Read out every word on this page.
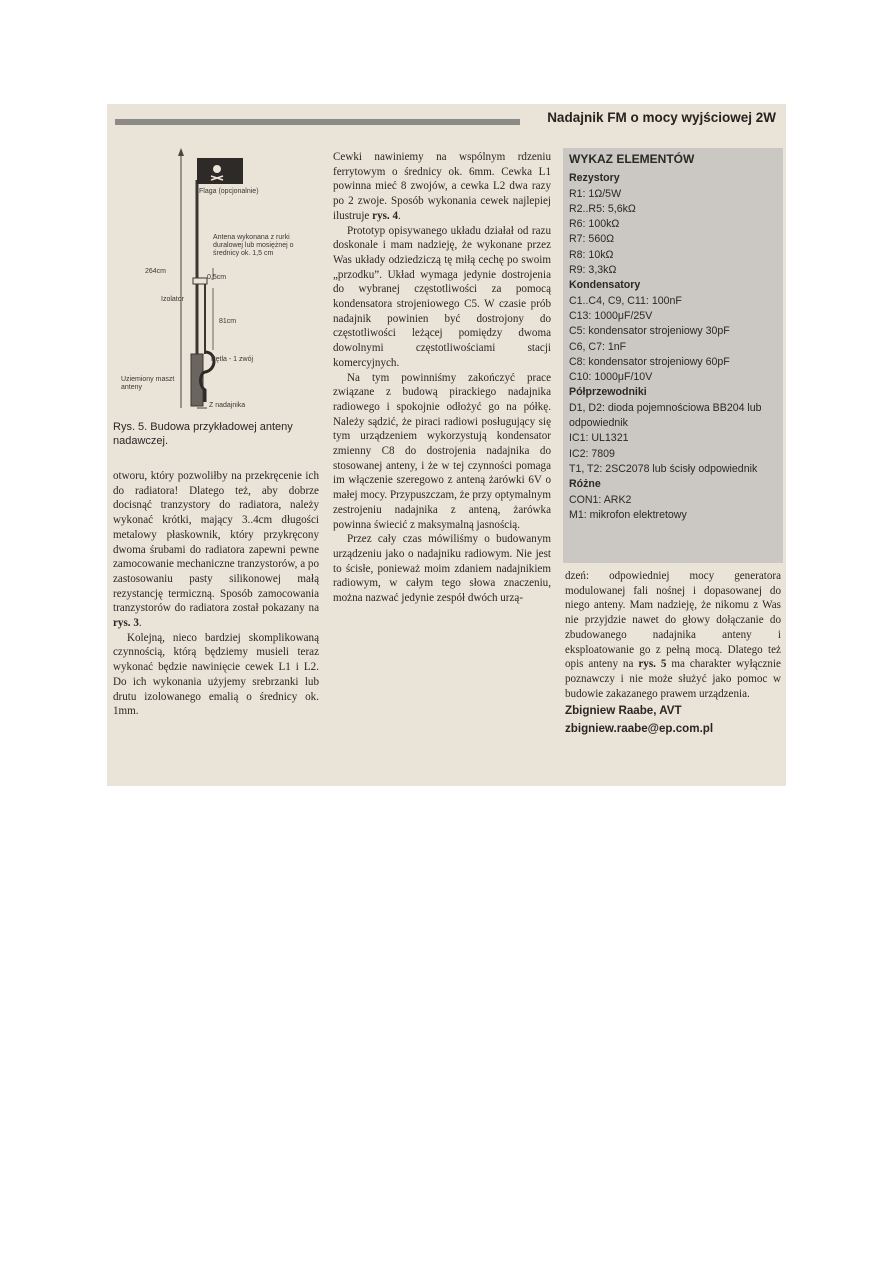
Nadajnik FM o mocy wyjściowej 2W
Flaga (opcjonalnie)
264cm
Antena wykonana z rurki duralowej lub mosiężnej o średnicy ok. 1,5 cm
0,5cm
Izolator
81cm
Pętla - 1 zwój
Uziemiony maszt anteny
Z nadajnika
Rys. 5. Budowa przykładowej anteny nadawczej.

otworu, który pozwoliłby na przekręcenie ich do radiatora! Dlatego też, aby dobrze docisnąć tranzystory do radiatora, należy wykonać krótki, mający 3..4cm długości metalowy płaskownik, który przykręcony dwoma śrubami do radiatora zapewni pewne zamocowanie mechaniczne tranzystorów, a po zastosowaniu pasty silikonowej małą rezystancję termiczną. Sposób zamocowania tranzystorów do radiatora został pokazany na rys. 3.

Kolejną, nieco bardziej skomplikowaną czynnością, którą będziemy musieli teraz wykonać będzie nawinięcie cewek L1 i L2. Do ich wykonania użyjemy srebrzanki lub drutu izolowanego emalią o średnicy ok. 1mm.

Cewki nawiniemy na wspólnym rdzeniu ferrytowym o średnicy ok. 6mm. Cewka L1 powinna mieć 8 zwojów, a cewka L2 dwa razy po 2 zwoje. Sposób wykonania cewek najlepiej ilustruje rys. 4.

Prototyp opisywanego układu działał od razu doskonale i mam nadzieję, że wykonane przez Was układy odziedziczą tę miłą cechę po swoim „przodku”. Układ wymaga jedynie dostrojenia do wybranej częstotliwości za pomocą kondensatora strojeniowego C5. W czasie prób nadajnik powinien być dostrojony do częstotliwości leżącej pomiędzy dwoma dowolnymi częstotliwościami stacji komercyjnych.

Na tym powinniśmy zakończyć prace związane z budową pirackiego nadajnika radiowego i spokojnie odłożyć go na półkę. Należy sądzić, że piraci radiowi posługujący się tym urządzeniem wykorzystują kondensator zmienny C8 do dostrojenia nadajnika do stosowanej anteny, i że w tej czynności pomaga im włączenie szeregowo z anteną żarówki 6V o małej mocy. Przypuszczam, że przy optymalnym zestrojeniu nadajnika z anteną, żarówka powinna świecić z maksymalną jasnością.

Przez cały czas mówiliśmy o budowanym urządzeniu jako o nadajniku radiowym. Nie jest to ścisłe, ponieważ moim zdaniem nadajnikiem radiowym, w całym tego słowa znaczeniu, można nazwać jedynie zespół dwóch urzą-

WYKAZ ELEMENTÓW
Rezystory
R1: 1Ω/5W
R2..R5: 5,6kΩ
R6: 100kΩ
R7: 560Ω
R8: 10kΩ
R9: 3,3kΩ
Kondensatory
C1..C4, C9, C11: 100nF
C13: 1000μF/25V
C5: kondensator strojeniowy 30pF
C6, C7: 1nF
C8: kondensator strojeniowy 60pF
C10: 1000μF/10V
Półprzewodniki
D1, D2: dioda pojemnościowa BB204 lub odpowiednik
IC1: UL1321
IC2: 7809
T1, T2: 2SC2078 lub ścisły odpowiednik
Różne
CON1: ARK2
M1: mikrofon elektretowy

dzeń: odpowiedniej mocy generatora modulowanej fali nośnej i dopasowanej do niego anteny. Mam nadzieję, że nikomu z Was nie przyjdzie nawet do głowy dołączanie do zbudowanego nadajnika anteny i eksploatowanie go z pełną mocą. Dlatego też opis anteny na rys. 5 ma charakter wyłącznie poznawczy i nie może służyć jako pomoc w budowie zakazanego prawem urządzenia.

Zbigniew Raabe, AVT
zbigniew.raabe@ep.com.pl
